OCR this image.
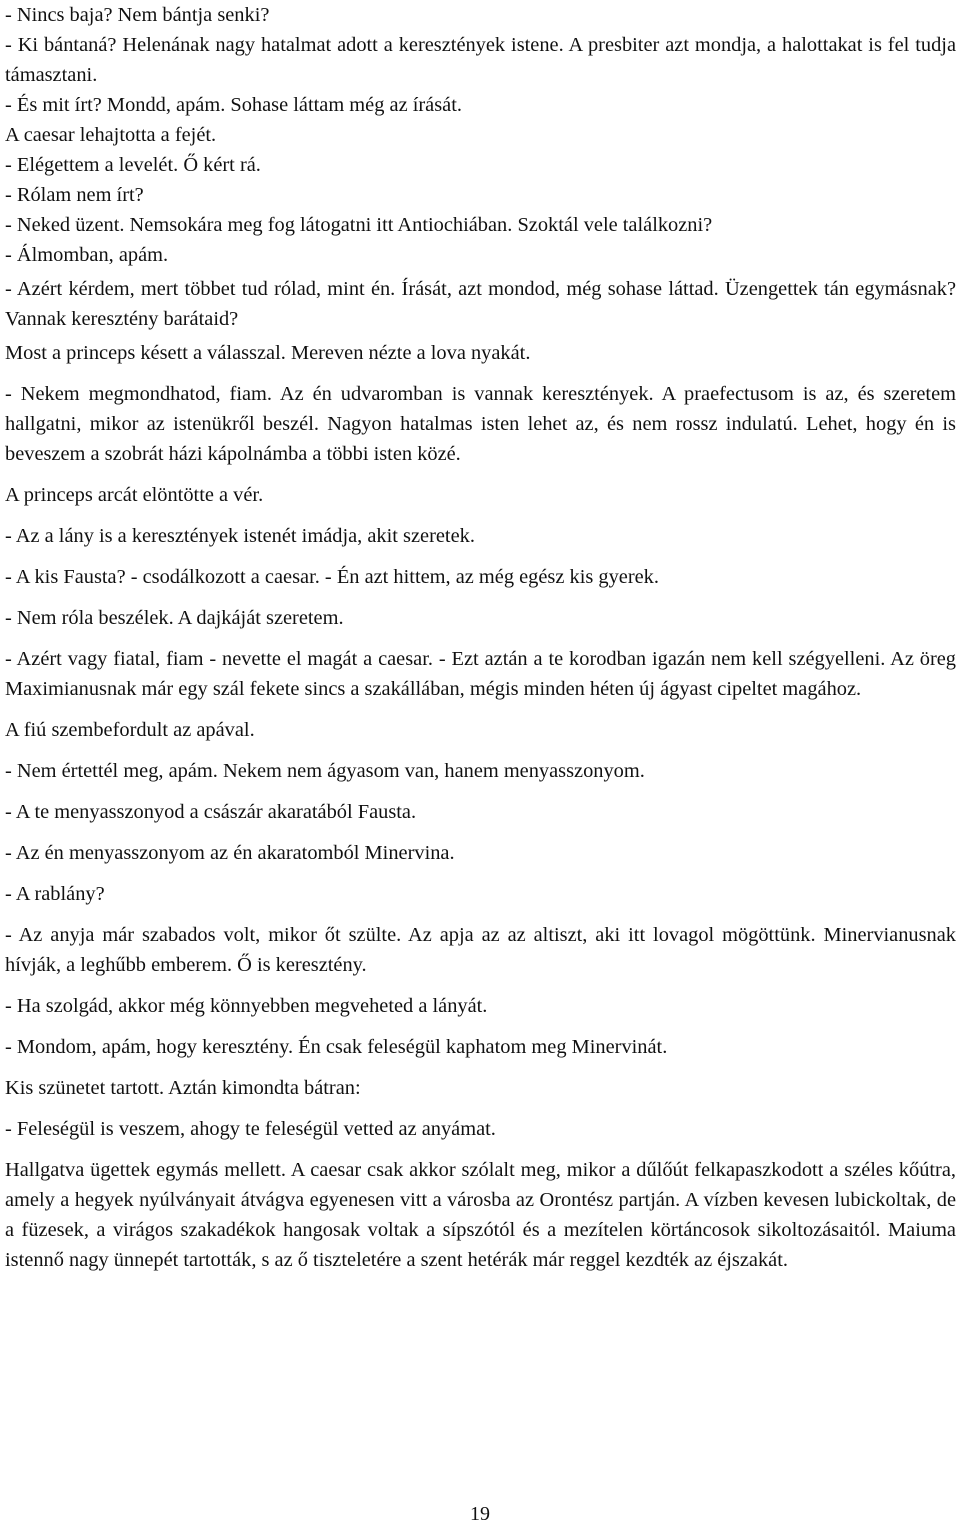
- Nincs baja? Nem bántja senki?

- Ki bántaná? Helenának nagy hatalmat adott a keresztények istene. A presbiter azt mondja, a halottakat is fel tudja támasztani.

- És mit írt? Mondd, apám. Sohase láttam még az írását.

A caesar lehajtotta a fejét.

- Elégettem a levelét. Ő kért rá.

- Rólam nem írt?

- Neked üzent. Nemsokára meg fog látogatni itt Antiochiában. Szoktál vele találkozni?

- Álmomban, apám.

- Azért kérdem, mert többet tud rólad, mint én. Írását, azt mondod, még sohase láttad. Üzengettek tán egymásnak? Vannak keresztény barátaid?

Most a princeps késett a válasszal. Mereven nézte a lova nyakát.

- Nekem megmondhatod, fiam. Az én udvaromban is vannak keresztények. A praefectusom is az, és szeretem hallgatni, mikor az istenükről beszél. Nagyon hatalmas isten lehet az, és nem rossz indulatú. Lehet, hogy én is beveszem a szobrát házi kápolnámba a többi isten közé.

A princeps arcát elöntötte a vér.

- Az a lány is a keresztények istenét imádja, akit szeretek.

- A kis Fausta? - csodálkozott a caesar. - Én azt hittem, az még egész kis gyerek.

- Nem róla beszélek. A dajkáját szeretem.

- Azért vagy fiatal, fiam - nevette el magát a caesar. - Ezt aztán a te korodban igazán nem kell szégyelleni. Az öreg Maximianusnak már egy szál fekete sincs a szakállában, mégis minden héten új ágyast cipeltet magához.

A fiú szembefordult az apával.

- Nem értettél meg, apám. Nekem nem ágyasom van, hanem menyasszonyom.

- A te menyasszonyod a császár akaratából Fausta.

- Az én menyasszonyom az én akaratomból Minervina.

- A rablány?

- Az anyja már szabados volt, mikor őt szülte. Az apja az az altiszt, aki itt lovagol mögöttünk. Minervianusnak hívják, a leghűbb emberem. Ő is keresztény.

- Ha szolgád, akkor még könnyebben megveheted a lányát.

- Mondom, apám, hogy keresztény. Én csak feleségül kaphatom meg Minervinát.

Kis szünetet tartott. Aztán kimondta bátran:

- Feleségül is veszem, ahogy te feleségül vetted az anyámat.

Hallgatva ügettek egymás mellett. A caesar csak akkor szólalt meg, mikor a dűlőút felkapaszkodott a széles kőútra, amely a hegyek nyúlványait átvágva egyenesen vitt a városba az Orontész partján. A vízben kevesen lubickoltak, de a füzesek, a virágos szakadékok hangosak voltak a sípszótól és a mezítelen körtáncosok sikoltozásaitól. Maiuma istennő nagy ünnepét tartották, s az ő tiszteletére a szent hetérák már reggel kezdték az éjszakát.

19
